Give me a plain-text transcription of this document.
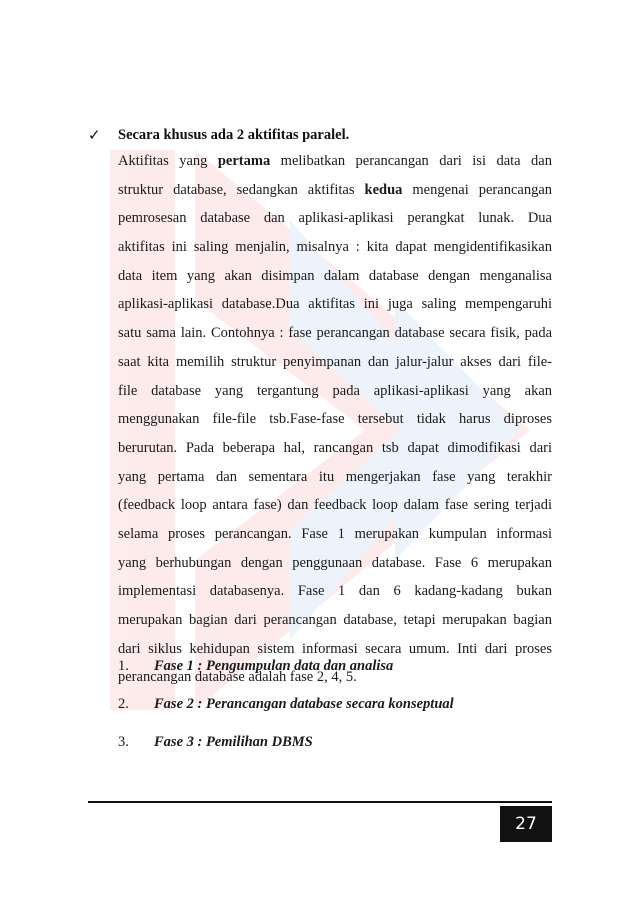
✓ Secara khusus ada 2 aktifitas paralel.

Aktifitas yang pertama melibatkan perancangan dari isi data dan
struktur database, sedangkan aktifitas kedua mengenai perancangan
pemrosesan database dan aplikasi-aplikasi perangkat lunak. Dua
aktifitas ini saling menjalin, misalnya : kita dapat mengidentifikasikan
data item yang akan disimpan dalam database dengan menganalisa
aplikasi-aplikasi database.Dua aktifitas ini juga saling mempengaruhi
satu sama lain. Contohnya : fase perancangan database secara fisik, pada
saat kita memilih struktur penyimpanan dan jalur-jalur akses dari file-
file database yang tergantung pada aplikasi-aplikasi yang akan
menggunakan file-file tsb.Fase-fase tersebut tidak harus diproses
berurutan. Pada beberapa hal, rancangan tsb dapat dimodifikasi dari
yang pertama dan sementara itu mengerjakan fase yang terakhir
(feedback loop antara fase) dan feedback loop dalam fase sering terjadi
selama proses perancangan. Fase 1 merupakan kumpulan informasi
yang berhubungan dengan penggunaan database. Fase 6 merupakan
implementasi databasenya. Fase 1 dan 6 kadang-kadang bukan
merupakan bagian dari perancangan database, tetapi merupakan bagian
dari siklus kehidupan sistem informasi secara umum. Inti dari proses
perancangan database adalah fase 2, 4, 5.
1. Fase 1 : Pengumpulan data dan analisa
2. Fase 2 : Perancangan database secara konseptual
3. Fase 3 : Pemilihan DBMS
27
